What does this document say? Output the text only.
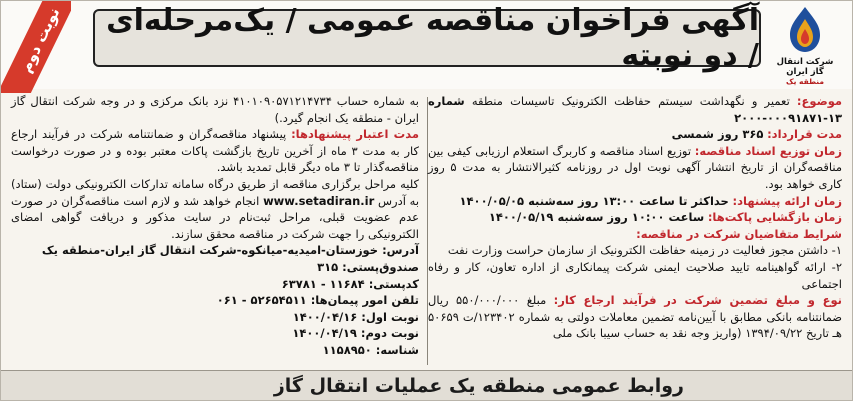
نوبت دوم	آگهی فراخوان مناقصه عمومی / یک‌مرحله‌ای / دو نوبته	شرکت انتقال گاز ایران
منطقه یک
موضوع: تعمیر و نگهداشت سیستم حفاظت الکترونیک تاسیسات منطقه شماره ۱۳-۰۰۰۹۱۸۷۱-۲۰۰۰
مدت قرارداد: ۳۶۵ روز شمسی
زمان توزیع اسناد مناقصه: توزیع اسناد مناقصه و کاربرگ استعلام ارزیابی کیفی بین مناقصه‌گران از تاریخ انتشار آگهی نوبت اول در روزنامه کثیرالانتشار به مدت ۵ روز کاری خواهد بود.
زمان ارائه پیشنهاد: حداکثر تا ساعت ۱۳:۰۰ روز سه‌شنبه ۱۴۰۰/۰۵/۰۵
زمان بازگشایی پاکت‌ها: ساعت ۱۰:۰۰ روز سه‌شنبه ۱۴۰۰/۰۵/۱۹
شرایط متقاضیان شرکت در مناقصه:
۱- داشتن مجوز فعالیت در زمینه حفاظت الکترونیک از سازمان حراست وزارت نفت
۲- ارائه گواهینامه تایید صلاحیت ایمنی شرکت پیمانکاری از اداره تعاون، کار و رفاه اجتماعی
نوع و مبلغ تضمین شرکت در فرآیند ارجاع کار: مبلغ ۵۵۰/۰۰۰/۰۰۰ ریال ضمانتنامه بانکی مطابق با آیین‌نامه تضمین معاملات دولتی به شماره ۱۲۳۴۰۲/ت ۵۰۶۵۹ هـ تاریخ ۱۳۹۴/۰۹/۲۲ (واریز وجه نقد به حساب سیبا بانک ملی
به شماره حساب ۴۱۰۱۰۹۰۵۷۱۲۱۴۷۳۴ نزد بانک مرکزی و در وجه شرکت انتقال گاز ایران - منطقه یک انجام گیرد.)
مدت اعتبار پیشنهادها: پیشنهاد مناقصه‌گران و ضمانتنامه شرکت در فرآیند ارجاع کار به مدت ۳ ماه از آخرین تاریخ بازگشت پاکات معتبر بوده و در صورت درخواست مناقصه‌گذار تا ۳ ماه دیگر قابل تمدید باشد.
کلیه مراحل برگزاری مناقصه از طریق درگاه سامانه تدارکات الکترونیکی دولت (ستاد) به آدرس www.setadiran.ir انجام خواهد شد و لازم است مناقصه‌گران در صورت عدم عضویت قبلی، مراحل ثبت‌نام در سایت مذکور و دریافت گواهی امضای الکترونیکی را جهت شرکت در مناقصه محقق سازند.
آدرس: خوزستان-امیدیه-میانکوه-شرکت انتقال گاز ایران-منطقه یک
صندوق‌پستی: ۳۱۵
کدپستی: ۱۱۶۸۴ - ۶۳۷۸۱
تلفن امور پیمان‌ها: ۵۲۶۵۴۵۱۱ - ۰۶۱
نوبت اول: ۱۴۰۰/۰۴/۱۶
نوبت دوم: ۱۴۰۰/۰۴/۱۹
شناسه: ۱۱۵۸۹۵۰
روابط عمومی منطقه یک عملیات انتقال گاز
